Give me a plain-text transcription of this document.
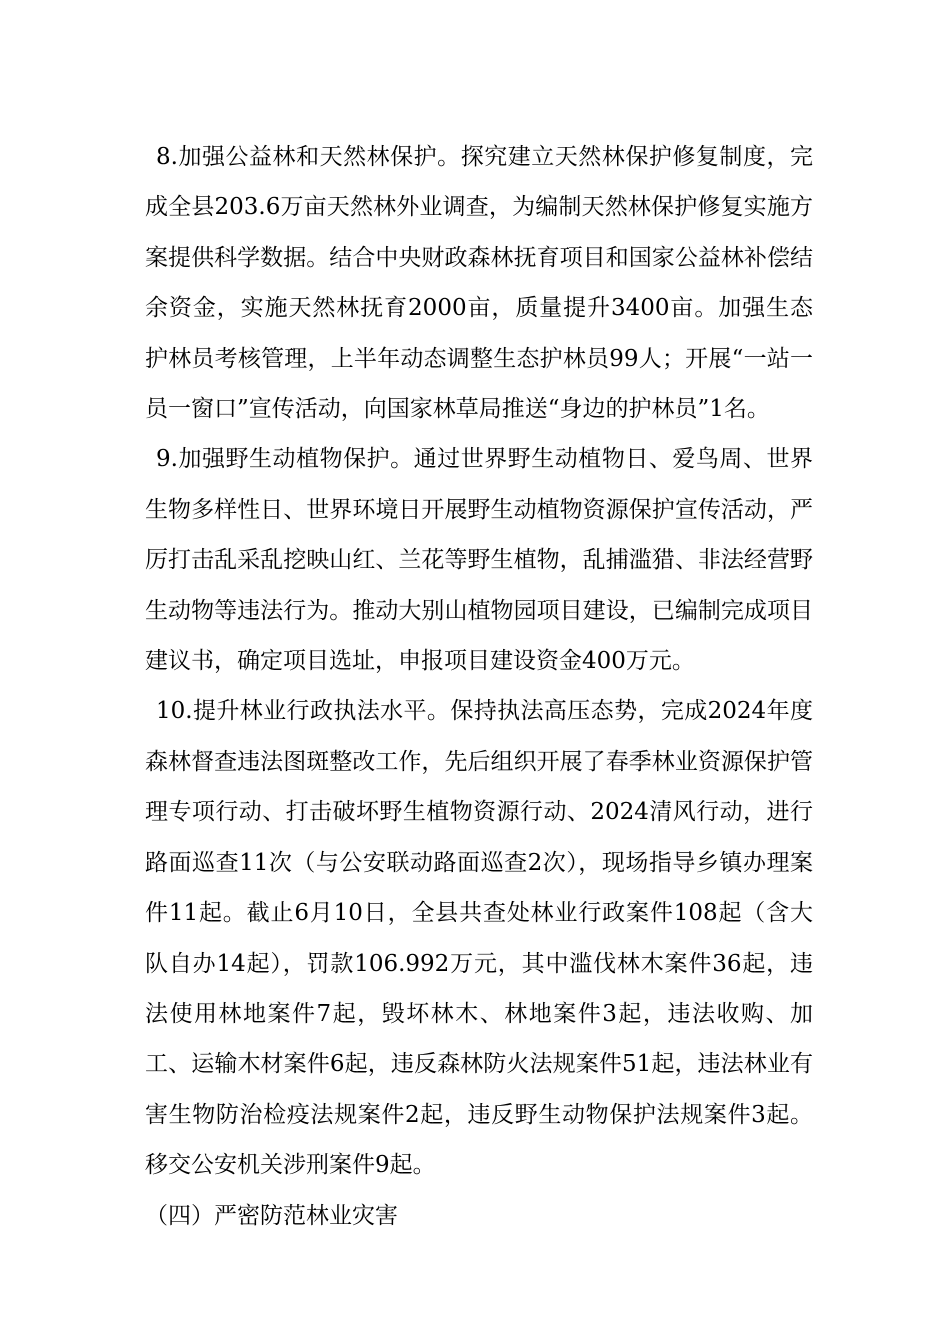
8.加强公益林和天然林保护。探究建立天然林保护修复制度，完成全县203.6万亩天然林外业调查，为编制天然林保护修复实施方案提供科学数据。结合中央财政森林抚育项目和国家公益林补偿结余资金，实施天然林抚育2000亩，质量提升3400亩。加强生态护林员考核管理，上半年动态调整生态护林员99人；开展“一站一员一窗口”宣传活动，向国家林草局推送“身边的护林员”1名。

9.加强野生动植物保护。通过世界野生动植物日、爱鸟周、世界生物多样性日、世界环境日开展野生动植物资源保护宣传活动，严厉打击乱采乱挖映山红、兰花等野生植物，乱捕滥猎、非法经营野生动物等违法行为。推动大别山植物园项目建设，已编制完成项目建议书，确定项目选址，申报项目建设资金400万元。

10.提升林业行政执法水平。保持执法高压态势，完成2024年度森林督查违法图斑整改工作，先后组织开展了春季林业资源保护管理专项行动、打击破坏野生植物资源行动、2024清风行动，进行路面巡查11次（与公安联动路面巡查2次），现场指导乡镇办理案件11起。截止6月10日，全县共查处林业行政案件108起（含大队自办14起），罚款106.992万元，其中滥伐林木案件36起，违法使用林地案件7起，毁坏林木、林地案件3起，违法收购、加工、运输木材案件6起，违反森林防火法规案件51起，违法林业有害生物防治检疫法规案件2起，违反野生动物保护法规案件3起。移交公安机关涉刑案件9起。

（四）严密防范林业灾害
